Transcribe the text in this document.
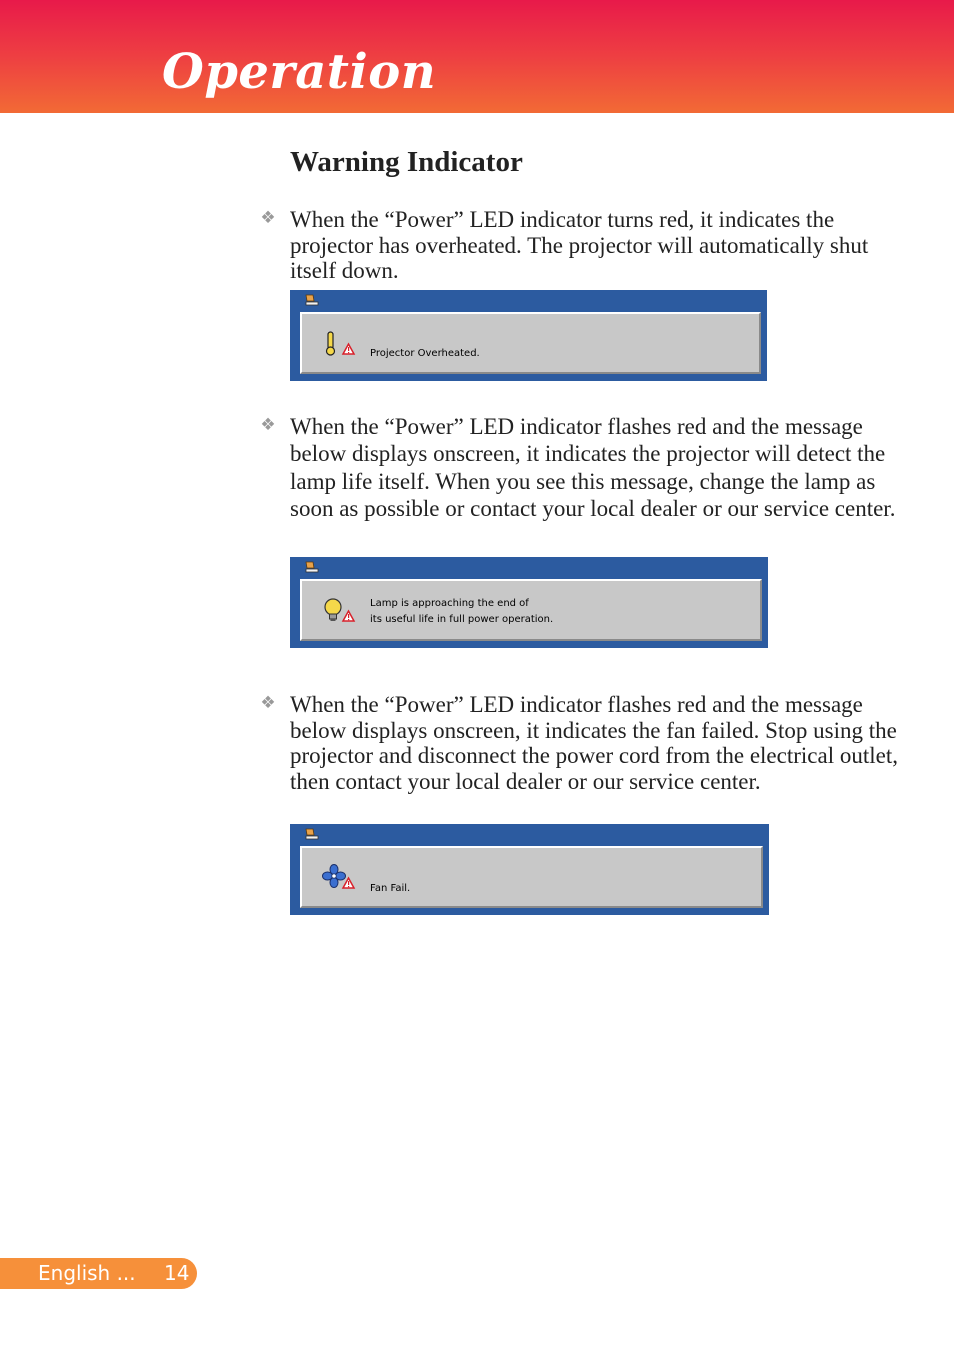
Operation
Warning Indicator
❖ When the “Power” LED indicator turns red, it indicates the projector has overheated. The projector will automatically shut itself down.

Projector Overheated.
❖ When the “Power” LED indicator flashes red and the message below displays onscreen, it indicates the projector will detect the lamp life itself. When you see this message, change the lamp as soon as possible or contact your local dealer or our service center.

Lamp is approaching the end of
its useful life in full power operation.
❖ When the “Power” LED indicator flashes red and the message below displays onscreen, it indicates the fan failed. Stop using the projector and disconnect the power cord from the electrical outlet, then contact your local dealer or our service center.

Fan Fail.
English ... 14
